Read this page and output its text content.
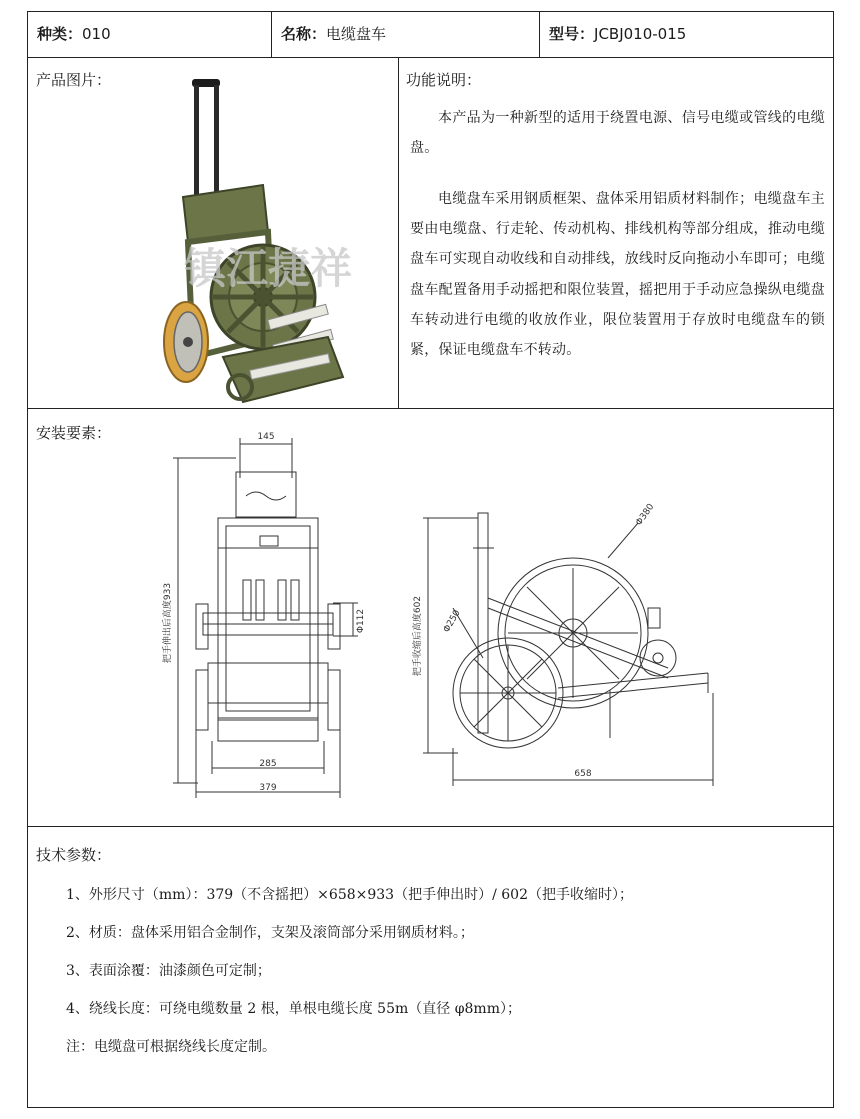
种类：010	名称：电缆盘车	型号：JCBJ010-015
产品图片：
镇江捷祥
功能说明：
本产品为一种新型的适用于绕置电源、信号电缆或管线的电缆盘。
电缆盘车采用钢质框架、盘体采用铝质材料制作；电缆盘车主要由电缆盘、行走轮、传动机构、排线机构等部分组成，推动电缆盘车可实现自动收线和自动排线，放线时反向拖动小车即可；电缆盘车配置备用手动摇把和限位装置，摇把用于手动应急操纵电缆盘车转动进行电缆的收放作业，限位装置用于存放时电缆盘车的锁紧，保证电缆盘车不转动。
安装要素：	145
把手伸出后高度933	Φ112
285
379
把手收缩后高度602
Φ380
Φ250
658
技术参数：
1、外形尺寸（mm）：379（不含摇把）×658×933（把手伸出时）/ 602（把手收缩时）；
2、材质：盘体采用铝合金制作，支架及滚筒部分采用钢质材料。；
3、表面涂覆：油漆颜色可定制；
4、绕线长度：可绕电缆数量 2 根，单根电缆长度 55m（直径 φ8mm）；
注：电缆盘可根据绕线长度定制。
